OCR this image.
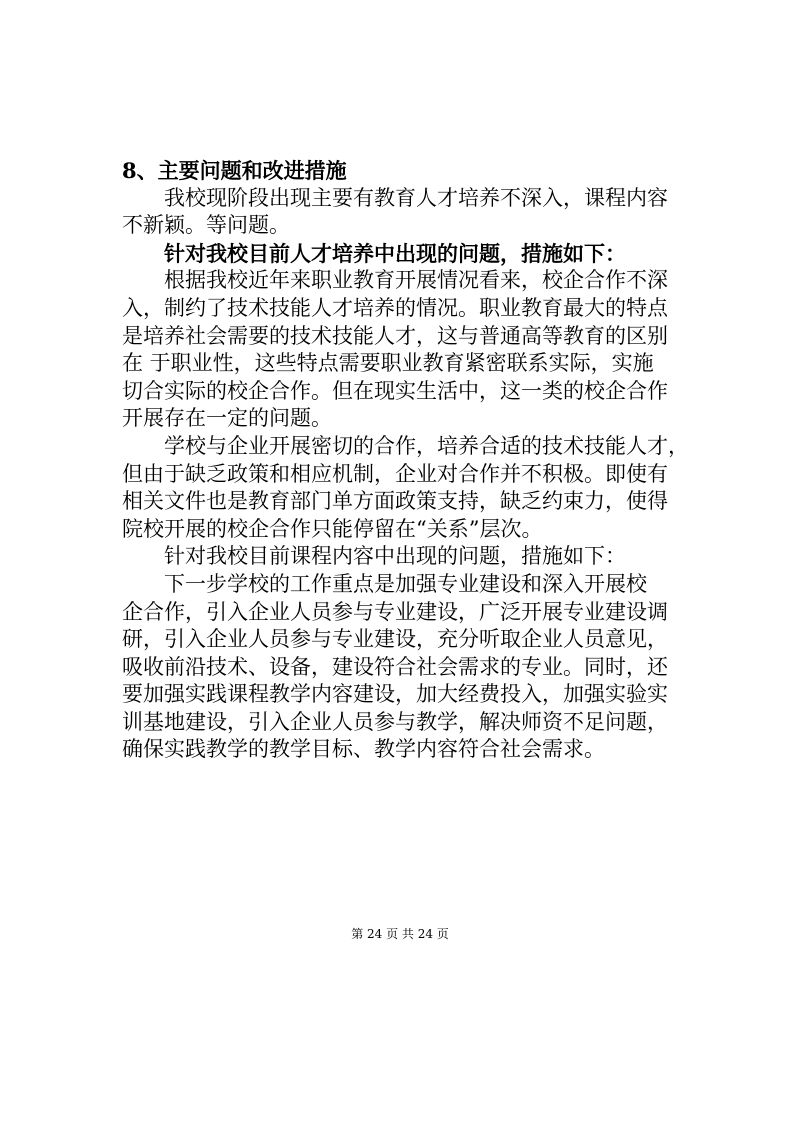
8、主要问题和改进措施
　　我校现阶段出现主要有教育人才培养不深入，课程内容
不新颖。等问题。
　　针对我校目前人才培养中出现的问题，措施如下：
　　根据我校近年来职业教育开展情况看来，校企合作不深
入，制约了技术技能人才培养的情况。职业教育最大的特点
是培养社会需要的技术技能人才，这与普通高等教育的区别
在 于职业性，这些特点需要职业教育紧密联系实际，实施
切合实际的校企合作。但在现实生活中，这一类的校企合作
开展存在一定的问题。
　　学校与企业开展密切的合作，培养合适的技术技能人才，
但由于缺乏政策和相应机制，企业对合作并不积极。即使有
相关文件也是教育部门单方面政策支持，缺乏约束力，使得
院校开展的校企合作只能停留在“关系”层次。
　　针对我校目前课程内容中出现的问题，措施如下：
　　下一步学校的工作重点是加强专业建设和深入开展校
企合作，引入企业人员参与专业建设，广泛开展专业建设调
研，引入企业人员参与专业建设，充分听取企业人员意见，
吸收前沿技术、设备，建设符合社会需求的专业。同时，还
要加强实践课程教学内容建设，加大经费投入，加强实验实
训基地建设，引入企业人员参与教学，解决师资不足问题，
确保实践教学的教学目标、教学内容符合社会需求。
第 24 页 共 24 页
